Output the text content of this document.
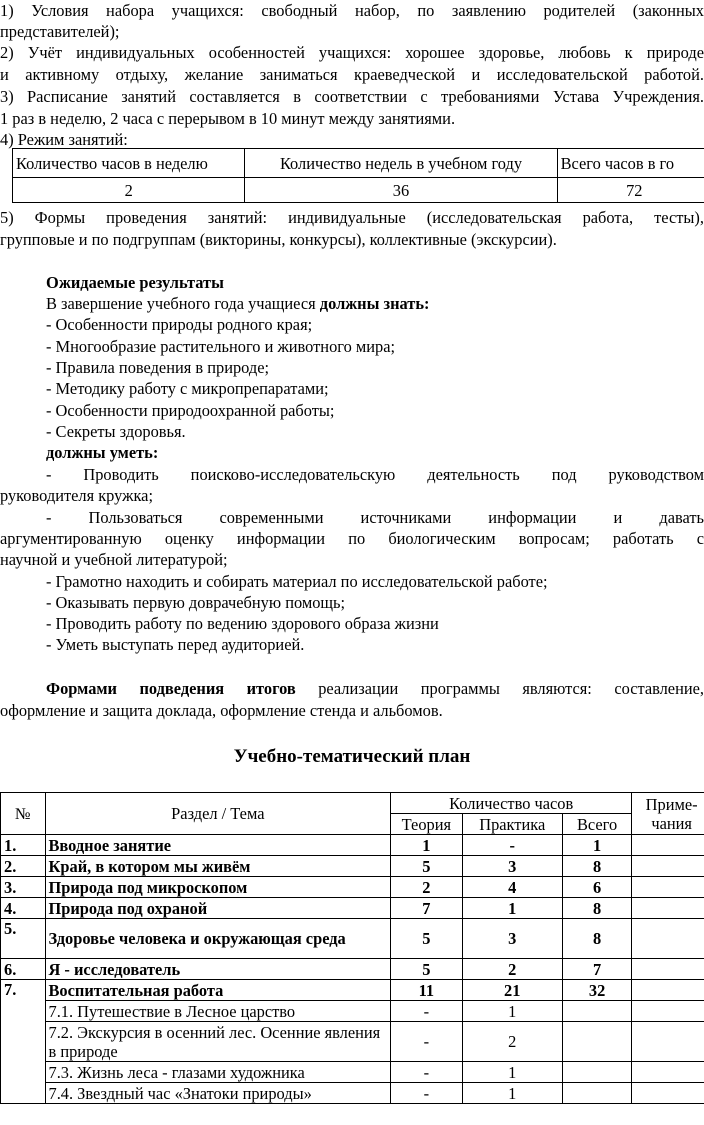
1) Условия набора учащихся: свободный набор, по заявлению родителей (законных
представителей);
2) Учёт индивидуальных особенностей учащихся: хорошее здоровье, любовь к природе
и активному отдыху, желание заниматься краеведческой и исследовательской работой.
3) Расписание занятий составляется в соответствии с требованиями Устава Учреждения.
1 раз в неделю, 2 часа с перерывом в 10 минут между занятиями.
4) Режим занятий:
Количество часов в неделю	Количество недель в учебном году	Всего часов в го
2	36	72
5) Формы проведения занятий: индивидуальные (исследовательская работа, тесты),
групповые и по подгруппам (викторины, конкурсы), коллективные (экскурсии).
Ожидаемые результаты
В завершение учебного года учащиеся должны знать:
- Особенности природы родного края;
- Многообразие растительного и животного мира;
- Правила поведения в природе;
- Методику работу с микропрепаратами;
- Особенности природоохранной работы;
- Секреты здоровья.
должны уметь:
- Проводить поисково-исследовательскую деятельность под руководством
руководителя кружка;
- Пользоваться современными источниками информации и давать
аргументированную оценку информации по биологическим вопросам; работать с
научной и учебной литературой;
- Грамотно находить и собирать материал по исследовательской работе;
- Оказывать первую доврачебную помощь;
- Проводить работу по ведению здорового образа жизни
- Уметь выступать перед аудиторией.
Формами подведения итогов реализации программы являются: составление,
оформление и защита доклада, оформление стенда и альбомов.
Учебно-тематический план
№	Раздел / Тема	Количество часов			Приме- чания
		Теория	Практика	Всего	
1.	Вводное занятие	1	-	1	
2.	Край, в котором мы живём	5	3	8	
3.	Природа под микроскопом	2	4	6	
4.	Природа под охраной	7	1	8	
5.	Здоровье человека и окружающая среда	5	3	8	
6.	Я - исследователь	5	2	7	
7.	Воспитательная работа	11	21	32	
	7.1. Путешествие в Лесное царство	-	1		
	7.2. Экскурсия в осенний лес. Осенние явления в природе	-	2		
	7.3. Жизнь леса - глазами художника	-	1		
	7.4. Звездный час «Знатоки природы»	-	1		
